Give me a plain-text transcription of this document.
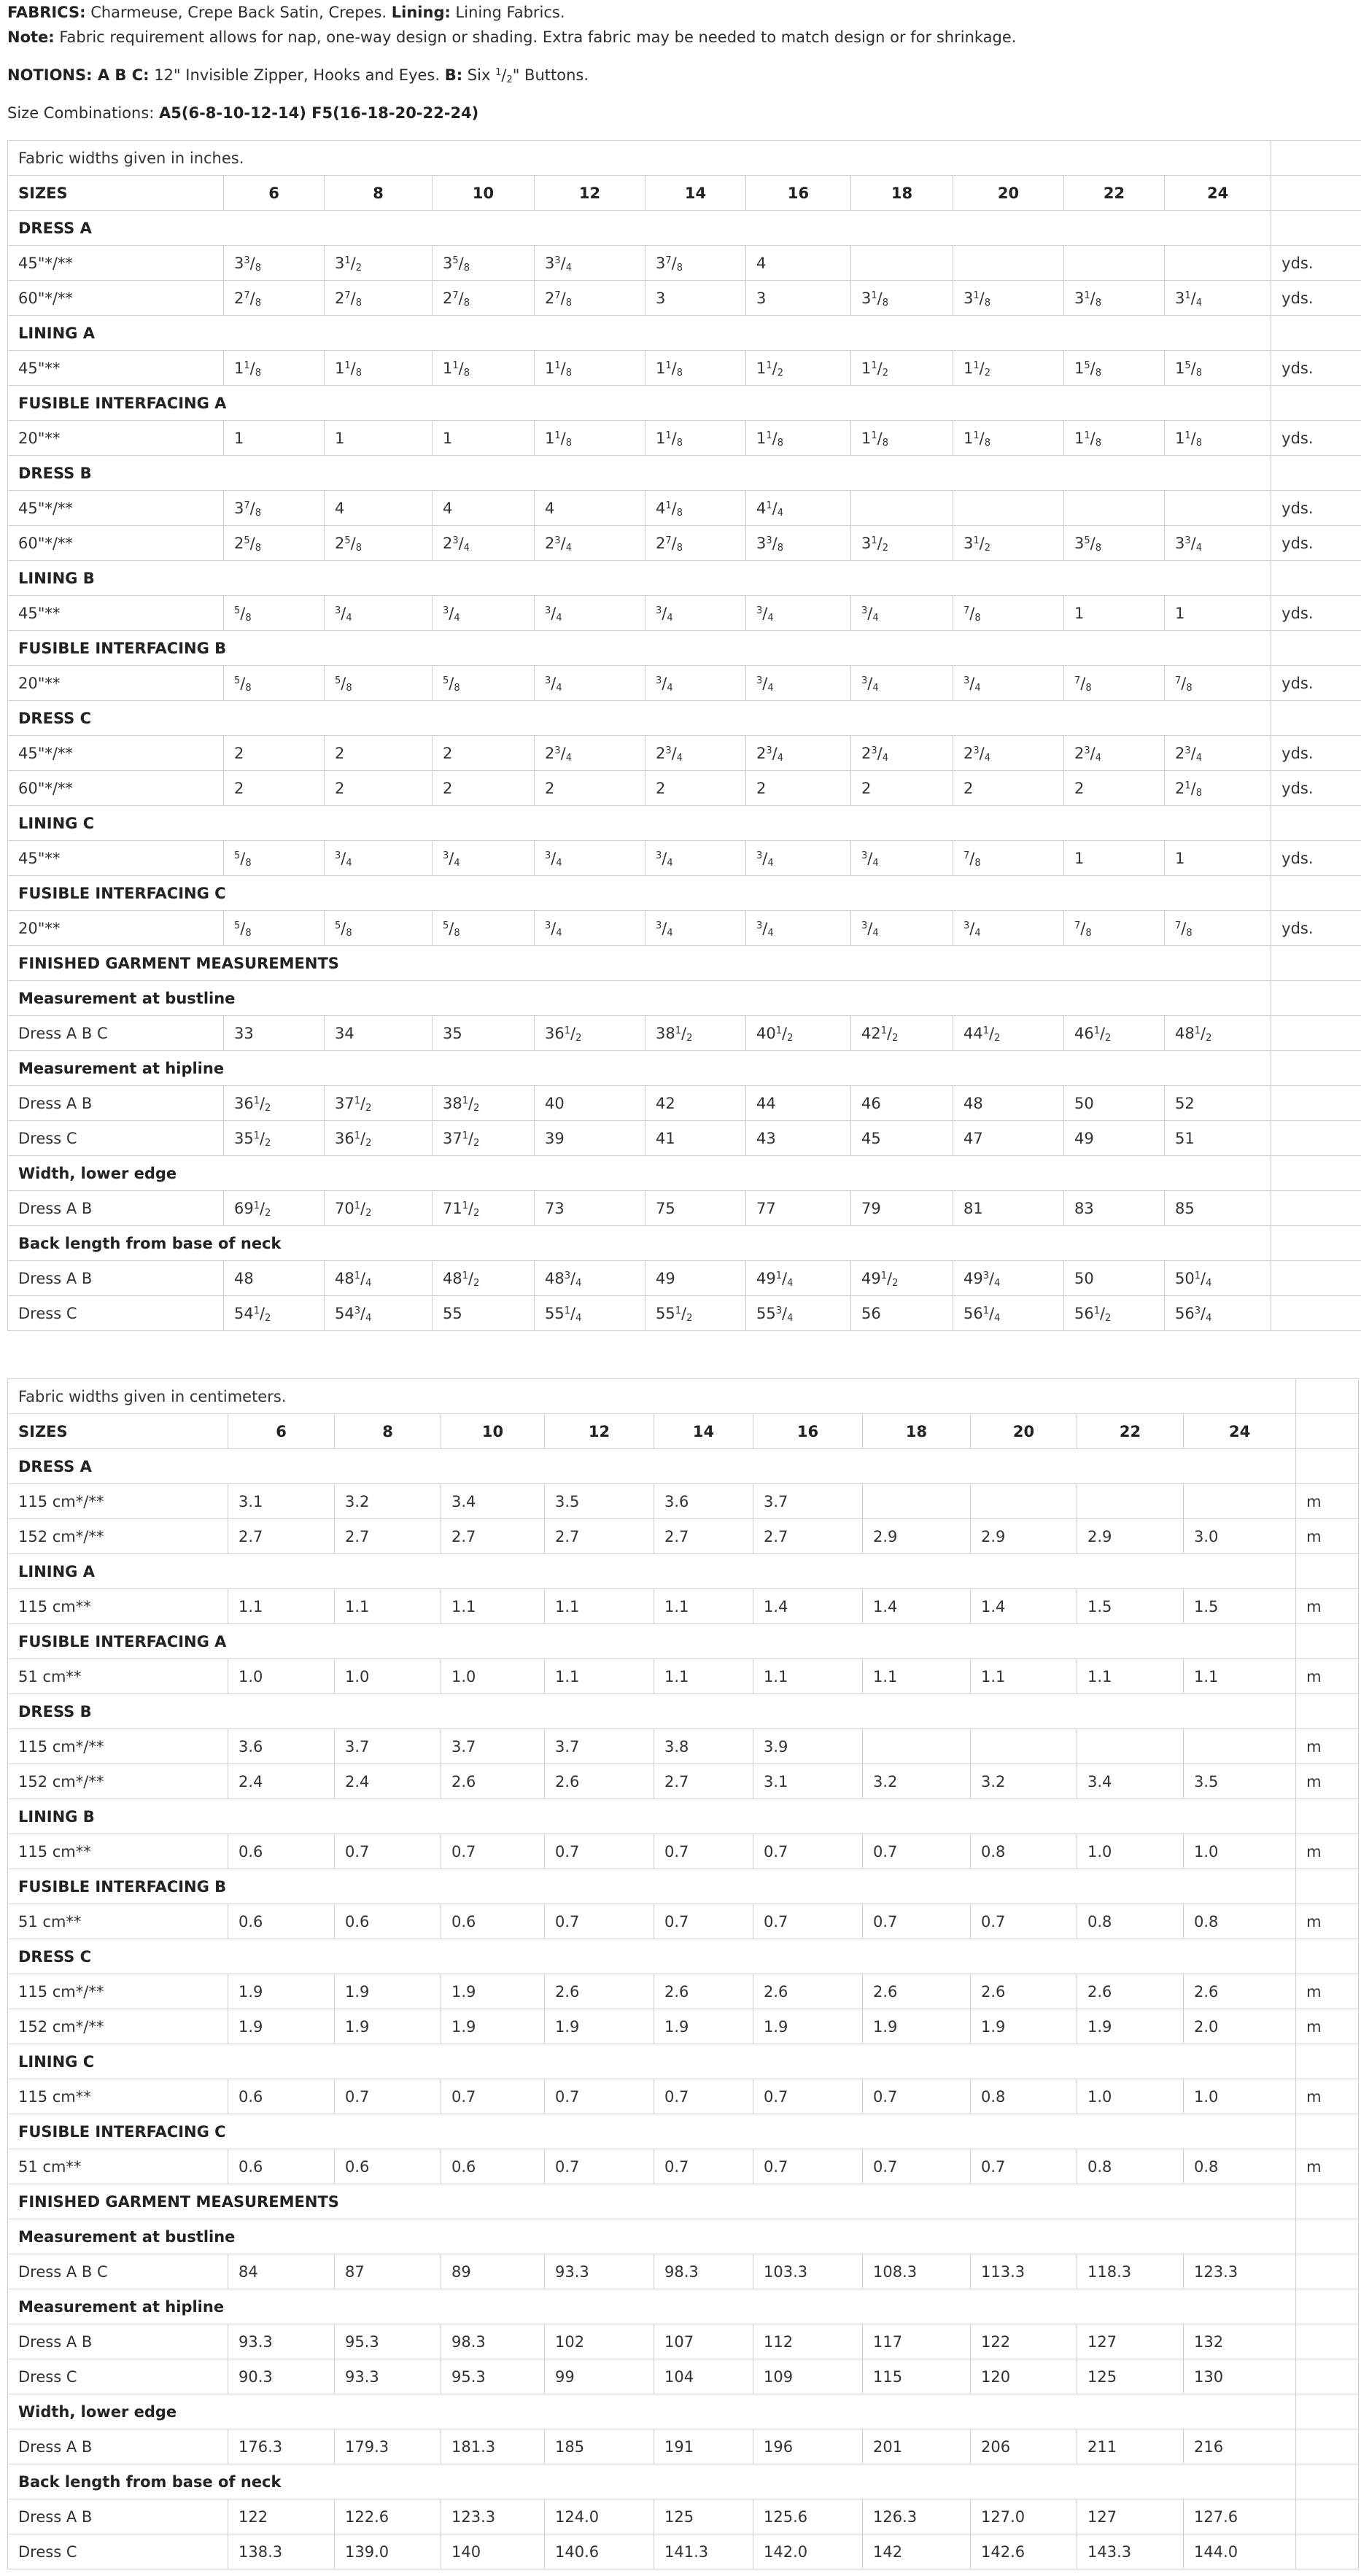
FABRICS: Charmeuse, Crepe Back Satin, Crepes. Lining: Lining Fabrics.

Note: Fabric requirement allows for nap, one-way design or shading. Extra fabric may be needed to match design or for shrinkage.

NOTIONS: A B C: 12" Invisible Zipper, Hooks and Eyes. B: Six $^1/_2$" Buttons.

Size Combinations: A5(6-8-10-12-14) F5(16-18-20-22-24)

Fabric widths given in inches.											
SIZES	6	8	10	12	14	16	18	20	22	24	
DRESS A											
45"*/**	$3^3/_8$	$3^1/_2$	$3^5/_8$	$3^3/_4$	$3^7/_8$	4					yds.
60"*/**	$2^7/_8$	$2^7/_8$	$2^7/_8$	$2^7/_8$	3	3	$3^1/_8$	$3^1/_8$	$3^1/_8$	$3^1/_4$	yds.
LINING A											
45"**	$1^1/_8$	$1^1/_8$	$1^1/_8$	$1^1/_8$	$1^1/_8$	$1^1/_2$	$1^1/_2$	$1^1/_2$	$1^5/_8$	$1^5/_8$	yds.
FUSIBLE INTERFACING A											
20"**	1	1	1	$1^1/_8$	$1^1/_8$	$1^1/_8$	$1^1/_8$	$1^1/_8$	$1^1/_8$	$1^1/_8$	yds.
DRESS B											
45"*/**	$3^7/_8$	4	4	4	$4^1/_8$	$4^1/_4$					yds.
60"*/**	$2^5/_8$	$2^5/_8$	$2^3/_4$	$2^3/_4$	$2^7/_8$	$3^3/_8$	$3^1/_2$	$3^1/_2$	$3^5/_8$	$3^3/_4$	yds.
LINING B											
45"**	$^5/_8$	$^3/_4$	$^3/_4$	$^3/_4$	$^3/_4$	$^3/_4$	$^3/_4$	$^7/_8$	1	1	yds.
FUSIBLE INTERFACING B											
20"**	$^5/_8$	$^5/_8$	$^5/_8$	$^3/_4$	$^3/_4$	$^3/_4$	$^3/_4$	$^3/_4$	$^7/_8$	$^7/_8$	yds.
DRESS C											
45"*/**	2	2	2	$2^3/_4$	$2^3/_4$	$2^3/_4$	$2^3/_4$	$2^3/_4$	$2^3/_4$	$2^3/_4$	yds.
60"*/**	2	2	2	2	2	2	2	2	2	$2^1/_8$	yds.
LINING C											
45"**	$^5/_8$	$^3/_4$	$^3/_4$	$^3/_4$	$^3/_4$	$^3/_4$	$^3/_4$	$^7/_8$	1	1	yds.
FUSIBLE INTERFACING C											
20"**	$^5/_8$	$^5/_8$	$^5/_8$	$^3/_4$	$^3/_4$	$^3/_4$	$^3/_4$	$^3/_4$	$^7/_8$	$^7/_8$	yds.
FINISHED GARMENT MEASUREMENTS											
Measurement at bustline											
Dress A B C	33	34	35	$36^1/_2$	$38^1/_2$	$40^1/_2$	$42^1/_2$	$44^1/_2$	$46^1/_2$	$48^1/_2$	
Measurement at hipline											
Dress A B	$36^1/_2$	$37^1/_2$	$38^1/_2$	40	42	44	46	48	50	52	
Dress C	$35^1/_2$	$36^1/_2$	$37^1/_2$	39	41	43	45	47	49	51	
Width, lower edge											
Dress A B	$69^1/_2$	$70^1/_2$	$71^1/_2$	73	75	77	79	81	83	85	
Back length from base of neck											
Dress A B	48	$48^1/_4$	$48^1/_2$	$48^3/_4$	49	$49^1/_4$	$49^1/_2$	$49^3/_4$	50	$50^1/_4$	
Dress C	$54^1/_2$	$54^3/_4$	55	$55^1/_4$	$55^1/_2$	$55^3/_4$	56	$56^1/_4$	$56^1/_2$	$56^3/_4$	
Fabric widths given in centimeters.											
SIZES	6	8	10	12	14	16	18	20	22	24	
DRESS A											
115 cm*/**	3.1	3.2	3.4	3.5	3.6	3.7					m
152 cm*/**	2.7	2.7	2.7	2.7	2.7	2.7	2.9	2.9	2.9	3.0	m
LINING A											
115 cm**	1.1	1.1	1.1	1.1	1.1	1.4	1.4	1.4	1.5	1.5	m
FUSIBLE INTERFACING A											
51 cm**	1.0	1.0	1.0	1.1	1.1	1.1	1.1	1.1	1.1	1.1	m
DRESS B											
115 cm*/**	3.6	3.7	3.7	3.7	3.8	3.9					m
152 cm*/**	2.4	2.4	2.6	2.6	2.7	3.1	3.2	3.2	3.4	3.5	m
LINING B											
115 cm**	0.6	0.7	0.7	0.7	0.7	0.7	0.7	0.8	1.0	1.0	m
FUSIBLE INTERFACING B											
51 cm**	0.6	0.6	0.6	0.7	0.7	0.7	0.7	0.7	0.8	0.8	m
DRESS C											
115 cm*/**	1.9	1.9	1.9	2.6	2.6	2.6	2.6	2.6	2.6	2.6	m
152 cm*/**	1.9	1.9	1.9	1.9	1.9	1.9	1.9	1.9	1.9	2.0	m
LINING C											
115 cm**	0.6	0.7	0.7	0.7	0.7	0.7	0.7	0.8	1.0	1.0	m
FUSIBLE INTERFACING C											
51 cm**	0.6	0.6	0.6	0.7	0.7	0.7	0.7	0.7	0.8	0.8	m
FINISHED GARMENT MEASUREMENTS											
Measurement at bustline											
Dress A B C	84	87	89	93.3	98.3	103.3	108.3	113.3	118.3	123.3	
Measurement at hipline											
Dress A B	93.3	95.3	98.3	102	107	112	117	122	127	132	
Dress C	90.3	93.3	95.3	99	104	109	115	120	125	130	
Width, lower edge											
Dress A B	176.3	179.3	181.3	185	191	196	201	206	211	216	
Back length from base of neck											
Dress A B	122	122.6	123.3	124.0	125	125.6	126.3	127.0	127	127.6	
Dress C	138.3	139.0	140	140.6	141.3	142.0	142	142.6	143.3	144.0	
